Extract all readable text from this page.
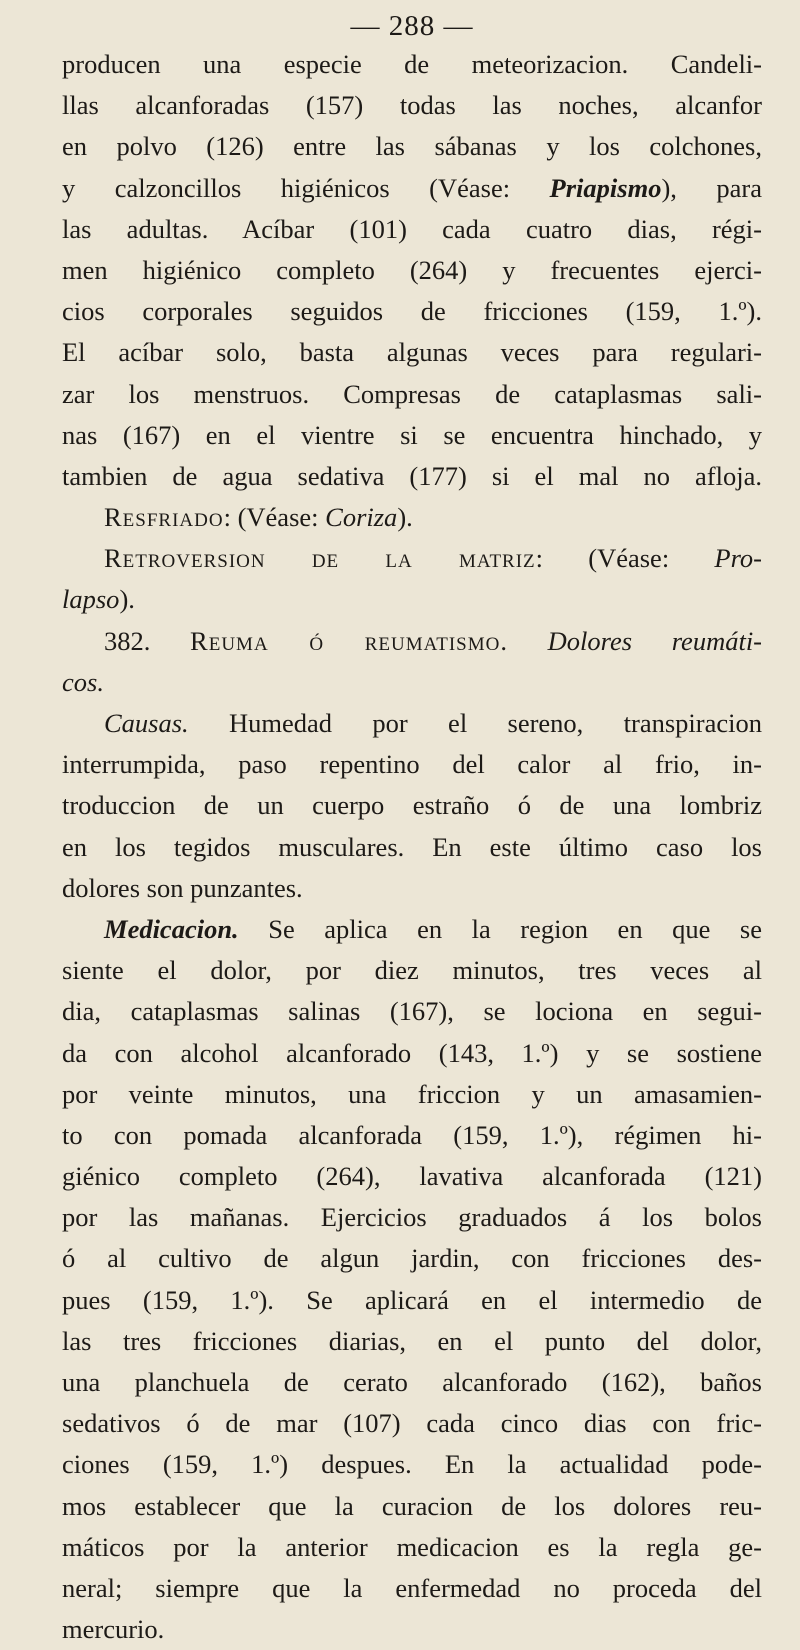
— 288 —
producen una especie de meteorizacion. Candeli-
llas alcanforadas (157) todas las noches, alcanfor
en polvo (126) entre las sábanas y los colchones,
y calzoncillos higiénicos (Véase: Priapismo), para
las adultas. Acíbar (101) cada cuatro dias, régi-
men higiénico completo (264) y frecuentes ejerci-
cios corporales seguidos de fricciones (159, 1.º).
El acíbar solo, basta algunas veces para regulari-
zar los menstruos. Compresas de cataplasmas sali-
nas (167) en el vientre si se encuentra hinchado, y
tambien de agua sedativa (177) si el mal no afloja.
Resfriado: (Véase: Coriza).
Retroversion de la matriz: (Véase: Pro-
lapso).
382. Reuma ó reumatismo. Dolores reumáti-
cos.
Causas. Humedad por el sereno, transpiracion
interrumpida, paso repentino del calor al frio, in-
troduccion de un cuerpo estraño ó de una lombriz
en los tegidos musculares. En este último caso los
dolores son punzantes.
Medicacion. Se aplica en la region en que se
siente el dolor, por diez minutos, tres veces al
dia, cataplasmas salinas (167), se lociona en segui-
da con alcohol alcanforado (143, 1.º) y se sostiene
por veinte minutos, una friccion y un amasamien-
to con pomada alcanforada (159, 1.º), régimen hi-
giénico completo (264), lavativa alcanforada (121)
por las mañanas. Ejercicios graduados á los bolos
ó al cultivo de algun jardin, con fricciones des-
pues (159, 1.º). Se aplicará en el intermedio de
las tres fricciones diarias, en el punto del dolor,
una planchuela de cerato alcanforado (162), baños
sedativos ó de mar (107) cada cinco dias con fric-
ciones (159, 1.º) despues. En la actualidad pode-
mos establecer que la curacion de los dolores reu-
máticos por la anterior medicacion es la regla ge-
neral; siempre que la enfermedad no proceda del
mercurio.
